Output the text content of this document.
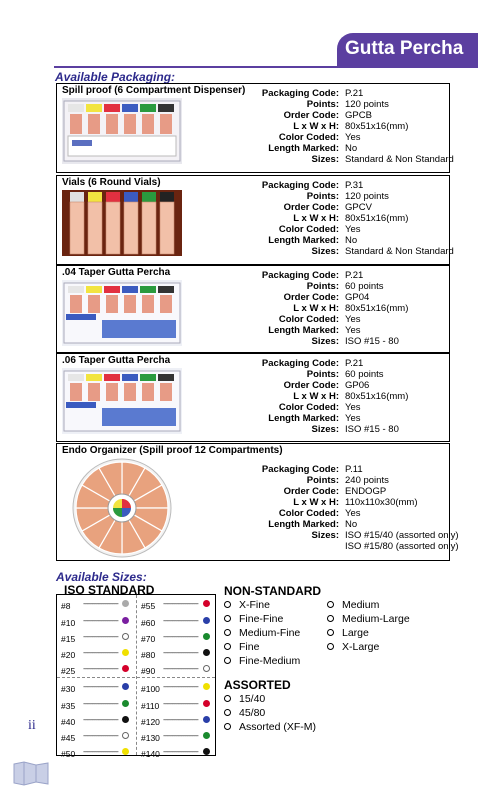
Gutta Percha
Available Packaging:
Spill proof (6 Compartment Dispenser)	Packaging Code: P.21
Points: 120 points
Order Code: GPCB
L x W x H: 80x51x16(mm)
Color Coded: Yes
Length Marked: No
Sizes: Standard & Non Standard
Vials (6 Round Vials)	Packaging Code: P.31
Points: 120 points
Order Code: GPCV
L x W x H: 80x51x16(mm)
Color Coded: Yes
Length Marked: No
Sizes: Standard & Non Standard
.04 Taper Gutta Percha	Packaging Code: P.21
Points: 60 points
Order Code: GP04
L x W x H: 80x51x16(mm)
Color Coded: Yes
Length Marked: Yes
Sizes: ISO #15 - 80
.06 Taper Gutta Percha	Packaging Code: P.21
Points: 60 points
Order Code: GP06
L x W x H: 80x51x16(mm)
Color Coded: Yes
Length Marked: Yes
Sizes: ISO #15 - 80
Endo Organizer (Spill proof 12 Compartments)
Packaging Code: P.11
Points: 240 points
Order Code: ENDOGP
L x W x H: 110x110x30(mm)
Color Coded: Yes
Length Marked: No
Sizes: ISO #15/40 (assorted only)
ISO #15/80 (assorted only)
Available Sizes:
ISO STANDARD
#8 -------------------
#10 -------------------
#15 -------------------
#20 -------------------
#25 -------------------
#30 -------------------
#35 -------------------
#40 -------------------
#45 -------------------
#50 -------------------
#55 -------------------
#60 -------------------
#70 -------------------
#80 -------------------
#90 -------------------
#100 -------------------
#110 -------------------
#120 -------------------
#130 -------------------
#140 -------------------
NON-STANDARD
X-Fine
Fine-Fine
Medium-Fine
Fine
Fine-Medium
Medium
Medium-Large
Large
X-Large
ASSORTED
15/40
45/80
Assorted (XF-M)
ii
